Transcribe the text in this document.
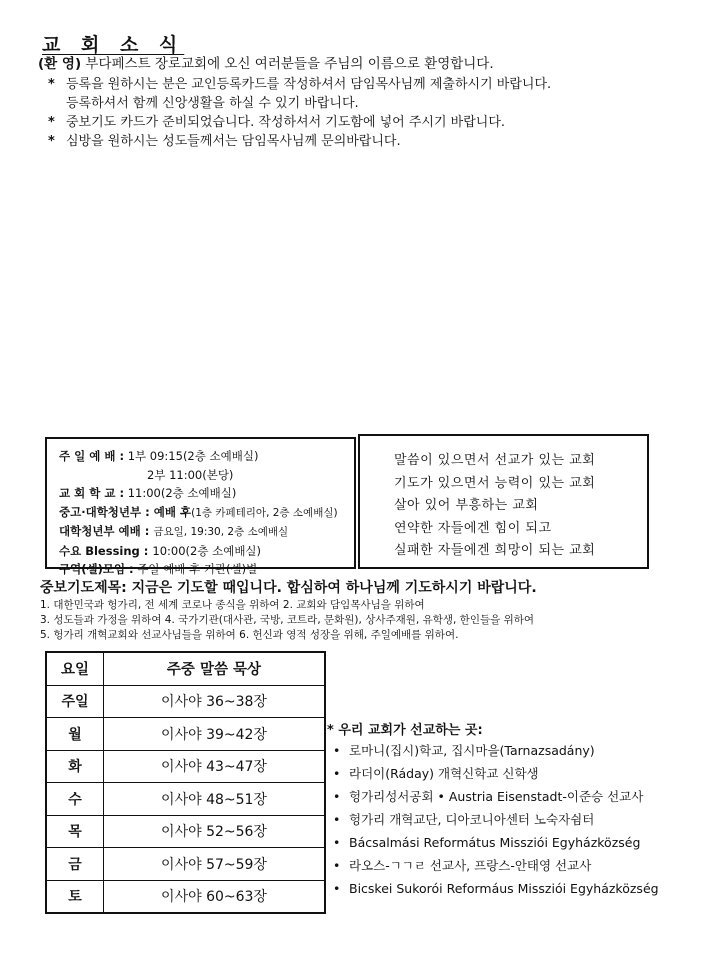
교 회 소 식
(환 영) 부다페스트 장로교회에 오신 여러분들을 주님의 이름으로 환영합니다.
* 등록을 원하시는 분은 교인등록카드를 작성하셔서 담임목사님께 제출하시기 바랍니다.
등록하셔서 함께 신앙생활을 하실 수 있기 바랍니다.
* 중보기도 카드가 준비되었습니다. 작성하셔서 기도함에 넣어 주시기 바랍니다.
* 심방을 원하시는 성도들께서는 담임목사님께 문의바랍니다.
주 일 예 배 : 1부 09:15(2층 소예배실)
2부 11:00(본당)
교 회 학 교 : 11:00(2층 소예배실)
중고·대학청년부 : 예배 후(1층 카페테리아, 2층 소예배실)
대학청년부 예배 : 금요일, 19:30, 2층 소예배실
수요 Blessing : 10:00(2층 소예배실)
구역(셀)모임 : 주일 예배 후 기관(셀)별
말씀이 있으면서 선교가 있는 교회
기도가 있으면서 능력이 있는 교회
살아 있어 부흥하는 교회
연약한 자들에겐 힘이 되고
실패한 자들에겐 희망이 되는 교회
중보기도제목: 지금은 기도할 때입니다. 합심하여 하나님께 기도하시기 바랍니다.
1. 대한민국과 헝가리, 전 세계 코로나 종식을 위하여 2. 교회와 담임목사님을 위하여
3. 성도들과 가정을 위하여 4. 국가기관(대사관, 국방, 코트라, 문화원), 상사주재원, 유학생, 한인들을 위하여
5. 헝가리 개혁교회와 선교사님들을 위하여 6. 헌신과 영적 성장을 위해, 주일예배를 위하여.
요일	주중 말씀 묵상
주일	이사야 36~38장
월	이사야 39~42장
화	이사야 43~47장
수	이사야 48~51장
목	이사야 52~56장
금	이사야 57~59장
토	이사야 60~63장
* 우리 교회가 선교하는 곳:
• 로마니(집시)학교, 집시마을(Tarnazsadány)
• 라더이(Ráday) 개혁신학교 신학생
• 헝가리성서공회 • Austria Eisenstadt-이준승 선교사
• 헝가리 개혁교단, 디아코니아센터 노숙자쉼터
• Bácsalmási Református Missziói Egyházközség
• 라오스-ㄱㄱㄹ 선교사, 프랑스-안태영 선교사
• Bicskei Sukorói Reformáus Missziói Egyházközség
